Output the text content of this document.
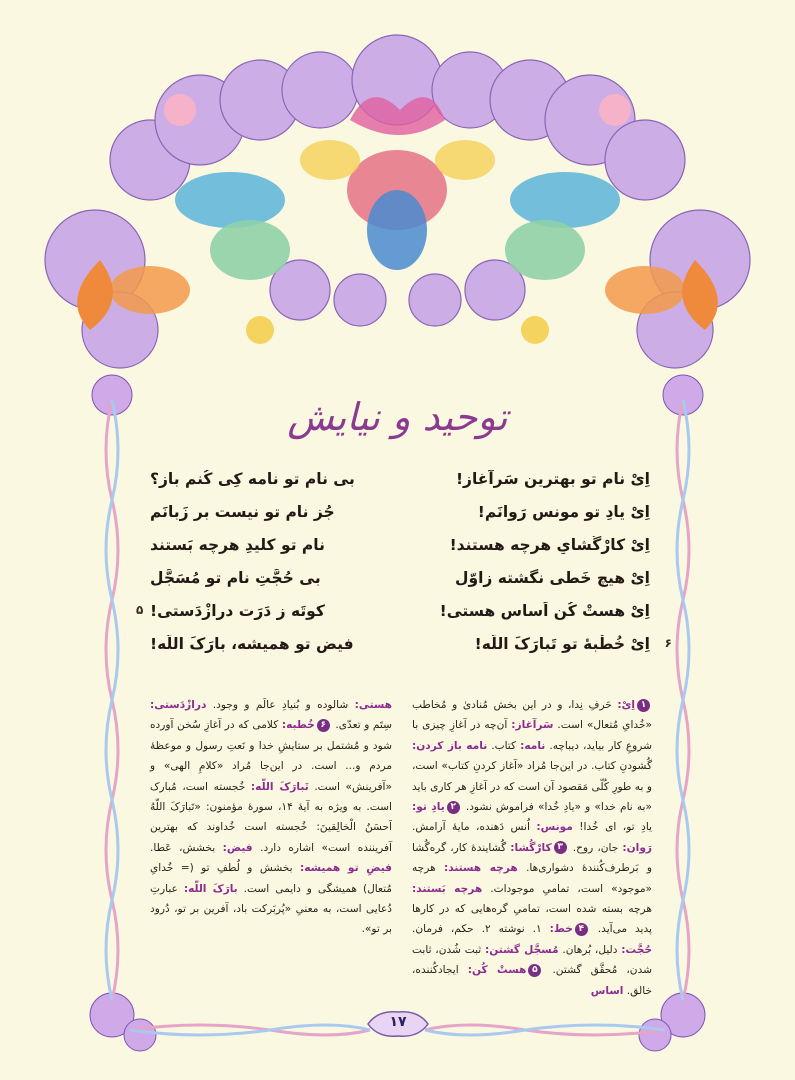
توحید و نیایش
اِیْ نام تو بهترین سَرآغاز!
بی نامِ تو نامه کِی کُنم باز؟
اِیْ یادِ تو مونسِ رَوانَم!
جُز نامِ تو نیست بر زَبانَم
اِیْ کارْگُشایِ هرچه هستند!
نامِ تو کلیدِ هرچه بَستند
اِیْ هیچ خَطی نگشته زاوّل
بی حُجَّتِ نامِ تو مُسَجَّل
اِیْ هستْ کُنِ اَساسِ هستی!
کوتَه زِ دَرَت درازْدَستی!
۵
اِیْ خُطْبهٔ تو تَبارَکَ اللّه!
فیضِ تو همیشه، بارَکَ اللّه!	۶

۱اِیْ: حَرفِ نِدا، و در این بخش مُنادیٰ و مُخاطب «خُدایِ مُتعال» است. سَرآغاز: آن‌چه در آغازِ چیزی با شروعِ کار بیاید، دیباچه. نامه: کتاب. نامه باز کردن: گُشودنِ کتاب. در این‌جا مُراد «آغاز کردنِ کتاب» است، و به طورِ کُلّی مَقصود آن است که در آغازِ هر کاری باید «به نام خدا» و «یادِ خُدا» فراموش نشود. ۲یادِ تو: یادِ تو، ای خُدا! مونس: اُنس دَهنده، مایهٔ آرامش. رَوان: جان، روح. ۳کارْگُشا: گُشاینده‌ٔ کار، گره‌گُشا و بَرطرف‌کُننده‌ٔ دشواری‌ها. هرچه هستند: هرچه «موجود» است، تمامیِ موجودات. هرچه بَستند: هرچه بسته شده است، تمامیِ گره‌هایی که در کارها پدید می‌آید. ۴خط: ۱. نوشته ۲. حکم، فرمان. حُجَّت: دلیل، بُرهان. مُسجَّل گشتن: ثبت شُدن، ثابت شدن، مُحقَّق گشتن. ۵هستْ کُن: ایجادکُننده، خالق. اساس

هستی: شالوده و بُنیادِ عالَم و وجود. درازْدَستی: سِتَم و تعدّی. ۶خُطبه: کلامی که در آغازِ سُخن آورده شود و مُشتمل بر ستایشِ خدا و نَعتِ رسول و موعظهٔ مردم و... است. در این‌جا مُراد «کلامِ الهی» و «آفرینش» است. تَبارَکَ اللّه: خُجسته است، مُبارک است. به ویژه به آیهٔ ۱۴، سورهٔ مؤمنون: «تَبارَکَ اللّهُ اَحسَنُ الْخالِقینَ: خُجسته است خُداوند که بهترین آفریننده است» اشاره دارد. فیض: بخشش، عَطا. فیضِ تو همیشه: بخشش و لُطفِ تو (= خُدایِ مُتعال) همیشگی و دایمی است. بارَکَ اللّه: عبارتِ دُعایی است، به معنیِ «پُربَرکت باد، آفرین بر تو، دُرود بر تو».

۱۷
